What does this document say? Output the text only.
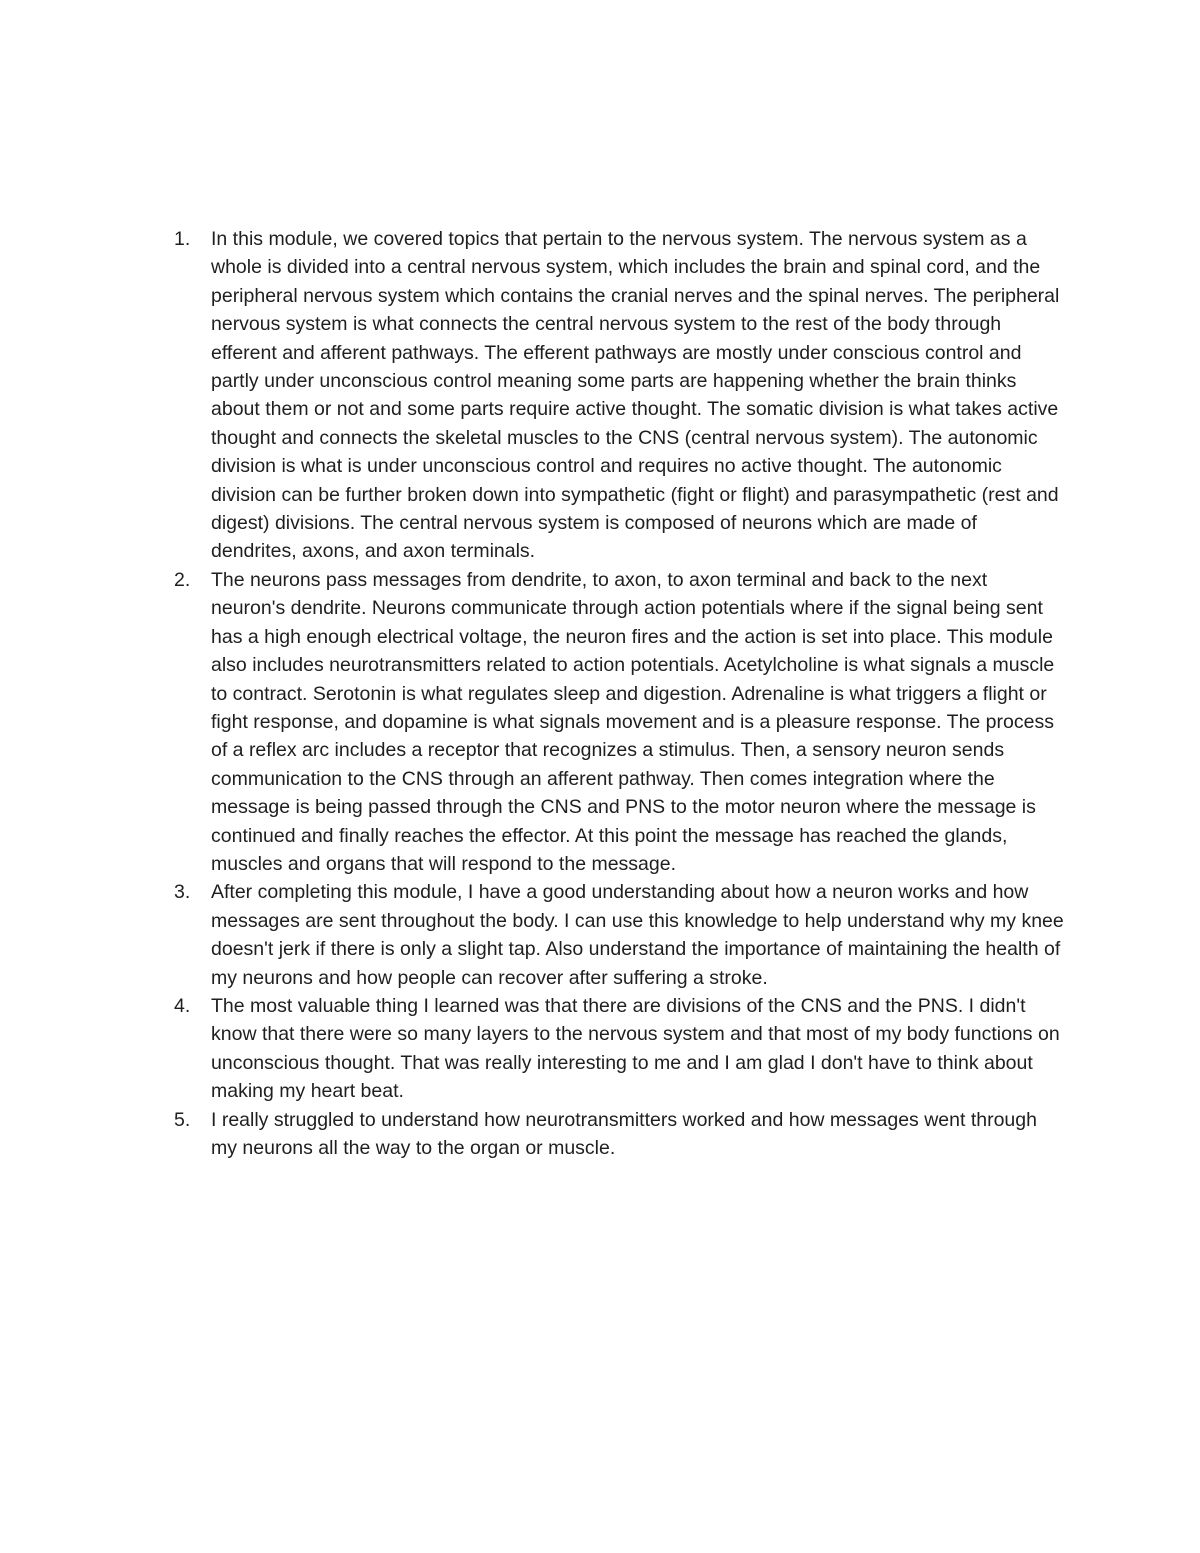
1.	In this module, we covered topics that pertain to the nervous system. The nervous system as a whole is divided into a central nervous system, which includes the brain and spinal cord, and the peripheral nervous system which contains the cranial nerves and the spinal nerves. The peripheral nervous system is what connects the central nervous system to the rest of the body through efferent and afferent pathways. The efferent pathways are mostly under conscious control and partly under unconscious control meaning some parts are happening whether the brain thinks about them or not and some parts require active thought. The somatic division is what takes active thought and connects the skeletal muscles to the CNS (central nervous system). The autonomic division is what is under unconscious control and requires no active thought. The autonomic division can be further broken down into sympathetic (fight or flight) and parasympathetic (rest and digest) divisions. The central nervous system is composed of neurons which are made of dendrites, axons, and axon terminals.
2.	The neurons pass messages from dendrite, to axon, to axon terminal and back to the next neuron's dendrite. Neurons communicate through action potentials where if the signal being sent has a high enough electrical voltage, the neuron fires and the action is set into place. This module also includes neurotransmitters related to action potentials. Acetylcholine is what signals a muscle to contract. Serotonin is what regulates sleep and digestion. Adrenaline is what triggers a flight or fight response, and dopamine is what signals movement and is a pleasure response. The process of a reflex arc includes a receptor that recognizes a stimulus. Then, a sensory neuron sends communication to the CNS through an afferent pathway. Then comes integration where the message is being passed through the CNS and PNS to the motor neuron where the message is continued and finally reaches the effector. At this point the message has reached the glands, muscles and organs that will respond to the message.
3.	After completing this module, I have a good understanding about how a neuron works and how messages are sent throughout the body. I can use this knowledge to help understand why my knee doesn't jerk if there is only a slight tap. Also understand the importance of maintaining the health of my neurons and how people can recover after suffering a stroke.
4.	The most valuable thing I learned was that there are divisions of the CNS and the PNS. I didn't know that there were so many layers to the nervous system and that most of my body functions on unconscious thought. That was really interesting to me and I am glad I don't have to think about making my heart beat.
5.	I really struggled to understand how neurotransmitters worked and how messages went through my neurons all the way to the organ or muscle.
